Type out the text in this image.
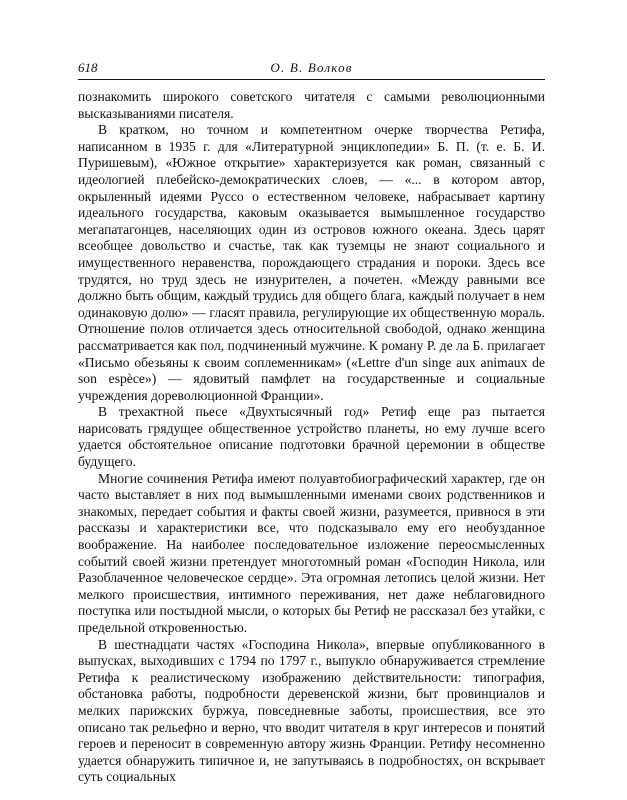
618	О. В. Волков

познакомить широкого советского читателя с самыми революционными высказываниями писателя.

В кратком, но точном и компетентном очерке творчества Ретифа, написанном в 1935 г. для «Литературной энциклопедии» Б. П. (т. е. Б. И. Пуришевым), «Южное открытие» характеризуется как роман, связанный с идеологией плебейско-демократических слоев, — «... в котором автор, окрыленный идеями Руссо о естественном человеке, набрасывает картину идеального государства, каковым оказывается вымышленное государство мегапатагонцев, населяющих один из островов южного океана. Здесь царят всеобщее довольство и счастье, так как туземцы не знают социального и имущественного неравенства, порождающего страдания и пороки. Здесь все трудятся, но труд здесь не изнурителен, а почетен. «Между равными все должно быть общим, каждый трудись для общего блага, каждый получает в нем одинаковую долю» — гласят правила, регулирующие их общественную мораль. Отношение полов отличается здесь относительной свободой, однако женщина рассматривается как пол, подчиненный мужчине. К роману Р. де ла Б. прилагает «Письмо обезьяны к своим соплеменникам» («Lettre d'un singe aux animaux de son espèce») — ядовитый памфлет на государственные и социальные учреждения дореволюционной Франции».

В трехактной пьесе «Двухтысячный год» Ретиф еще раз пытается нарисовать грядущее общественное устройство планеты, но ему лучше всего удается обстоятельное описание подготовки брачной церемонии в обществе будущего.

Многие сочинения Ретифа имеют полуавтобиографический характер, где он часто выставляет в них под вымышленными именами своих родственников и знакомых, передает события и факты своей жизни, разумеется, привнося в эти рассказы и характеристики все, что подсказывало ему его необузданное воображение. На наиболее последовательное изложение переосмысленных событий своей жизни претендует многотомный роман «Господин Никола, или Разоблаченное человеческое сердце». Эта огромная летопись целой жизни. Нет мелкого происшествия, интимного переживания, нет даже неблаговидного поступка или постыдной мысли, о которых бы Ретиф не рассказал без утайки, с предельной откровенностью.

В шестнадцати частях «Господина Никола», впервые опубликованного в выпусках, выходивших с 1794 по 1797 г., выпукло обнаруживается стремление Ретифа к реалистическому изображению действительности: типография, обстановка работы, подробности деревенской жизни, быт провинциалов и мелких парижских буржуа, повседневные заботы, происшествия, все это описано так рельефно и верно, что вводит читателя в круг интересов и понятий героев и переносит в современную автору жизнь Франции. Ретифу несомненно удается обнаружить типичное и, не запутываясь в подробностях, он вскрывает суть социальных
